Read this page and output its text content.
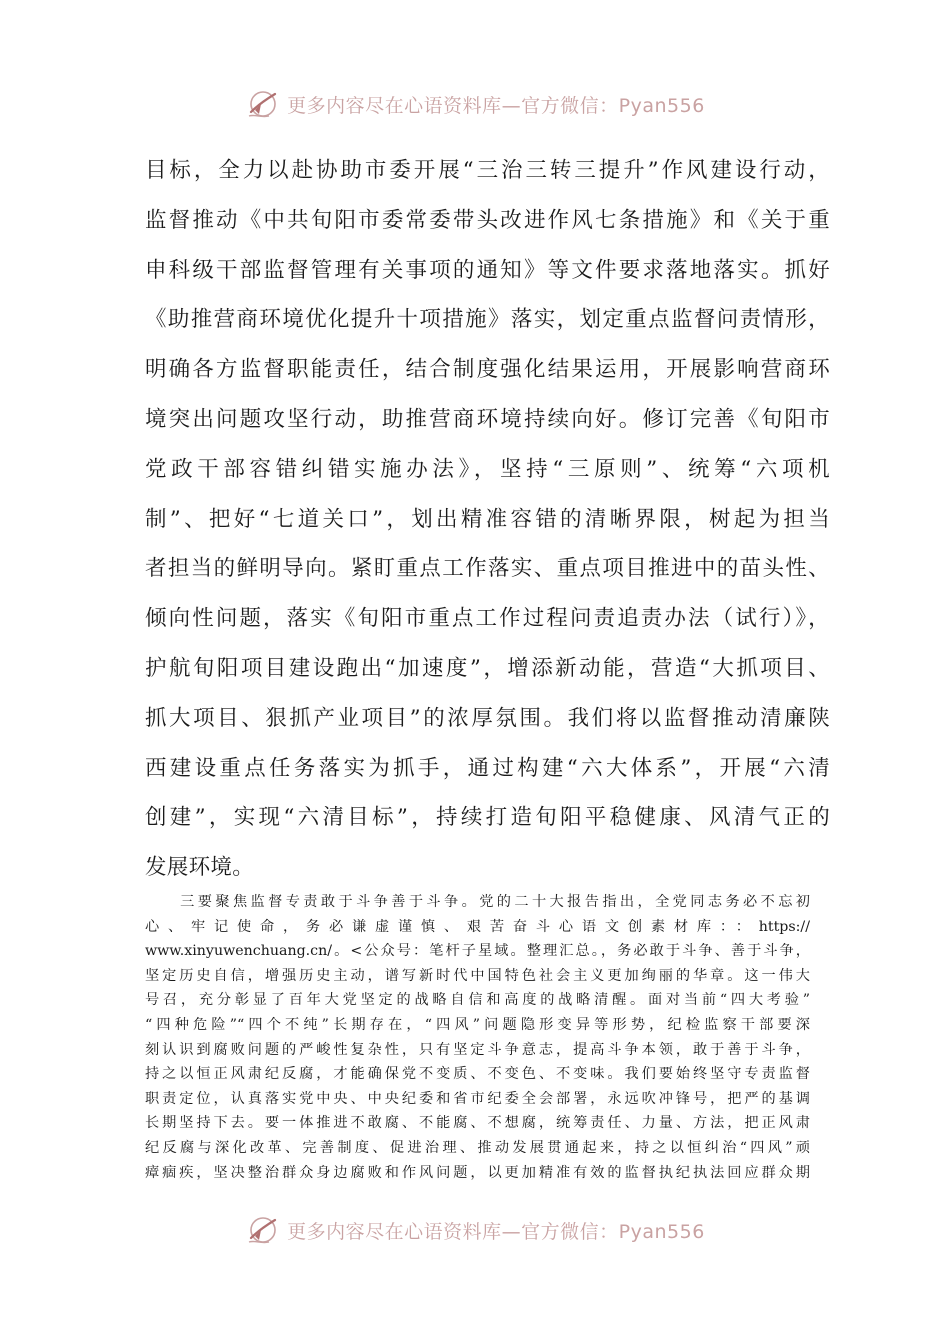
更多内容尽在心语资料库—官方微信：Pyan556
目标，全力以赴协助市委开展“三治三转三提升”作风建设行动，
监督推动《中共旬阳市委常委带头改进作风七条措施》和《关于重
申科级干部监督管理有关事项的通知》等文件要求落地落实。抓好
《助推营商环境优化提升十项措施》落实，划定重点监督问责情形，
明确各方监督职能责任，结合制度强化结果运用，开展影响营商环
境突出问题攻坚行动，助推营商环境持续向好。修订完善《旬阳市
党政干部容错纠错实施办法》，坚持“三原则”、统筹“六项机
制”、把好“七道关口”，划出精准容错的清晰界限，树起为担当
者担当的鲜明导向。紧盯重点工作落实、重点项目推进中的苗头性、
倾向性问题，落实《旬阳市重点工作过程问责追责办法（试行）》，
护航旬阳项目建设跑出“加速度”，增添新动能，营造“大抓项目、
抓大项目、狠抓产业项目”的浓厚氛围。我们将以监督推动清廉陕
西建设重点任务落实为抓手，通过构建“六大体系”，开展“六清
创建”，实现“六清目标”，持续打造旬阳平稳健康、风清气正的
发展环境。
　　三要聚焦监督专责敢于斗争善于斗争。党的二十大报告指出，全党同志务必不忘初
心、牢记使命，务必谦虚谨慎、艰苦奋斗心语文创素材库：：https://
www.xinyuwenchuang.cn/。<公众号：笔杆子星域。整理汇总。，务必敢于斗争、善于斗争，
坚定历史自信，增强历史主动，谱写新时代中国特色社会主义更加绚丽的华章。这一伟大
号召，充分彰显了百年大党坚定的战略自信和高度的战略清醒。面对当前“四大考验”
“四种危险”“四个不纯”长期存在，“四风”问题隐形变异等形势，纪检监察干部要深
刻认识到腐败问题的严峻性复杂性，只有坚定斗争意志，提高斗争本领，敢于善于斗争，
持之以恒正风肃纪反腐，才能确保党不变质、不变色、不变味。我们要始终坚守专责监督
职责定位，认真落实党中央、中央纪委和省市纪委全会部署，永远吹冲锋号，把严的基调
长期坚持下去。要一体推进不敢腐、不能腐、不想腐，统筹责任、力量、方法，把正风肃
纪反腐与深化改革、完善制度、促进治理、推动发展贯通起来，持之以恒纠治“四风”顽
瘴痼疾，坚决整治群众身边腐败和作风问题，以更加精准有效的监督执纪执法回应群众期
更多内容尽在心语资料库—官方微信：Pyan556
